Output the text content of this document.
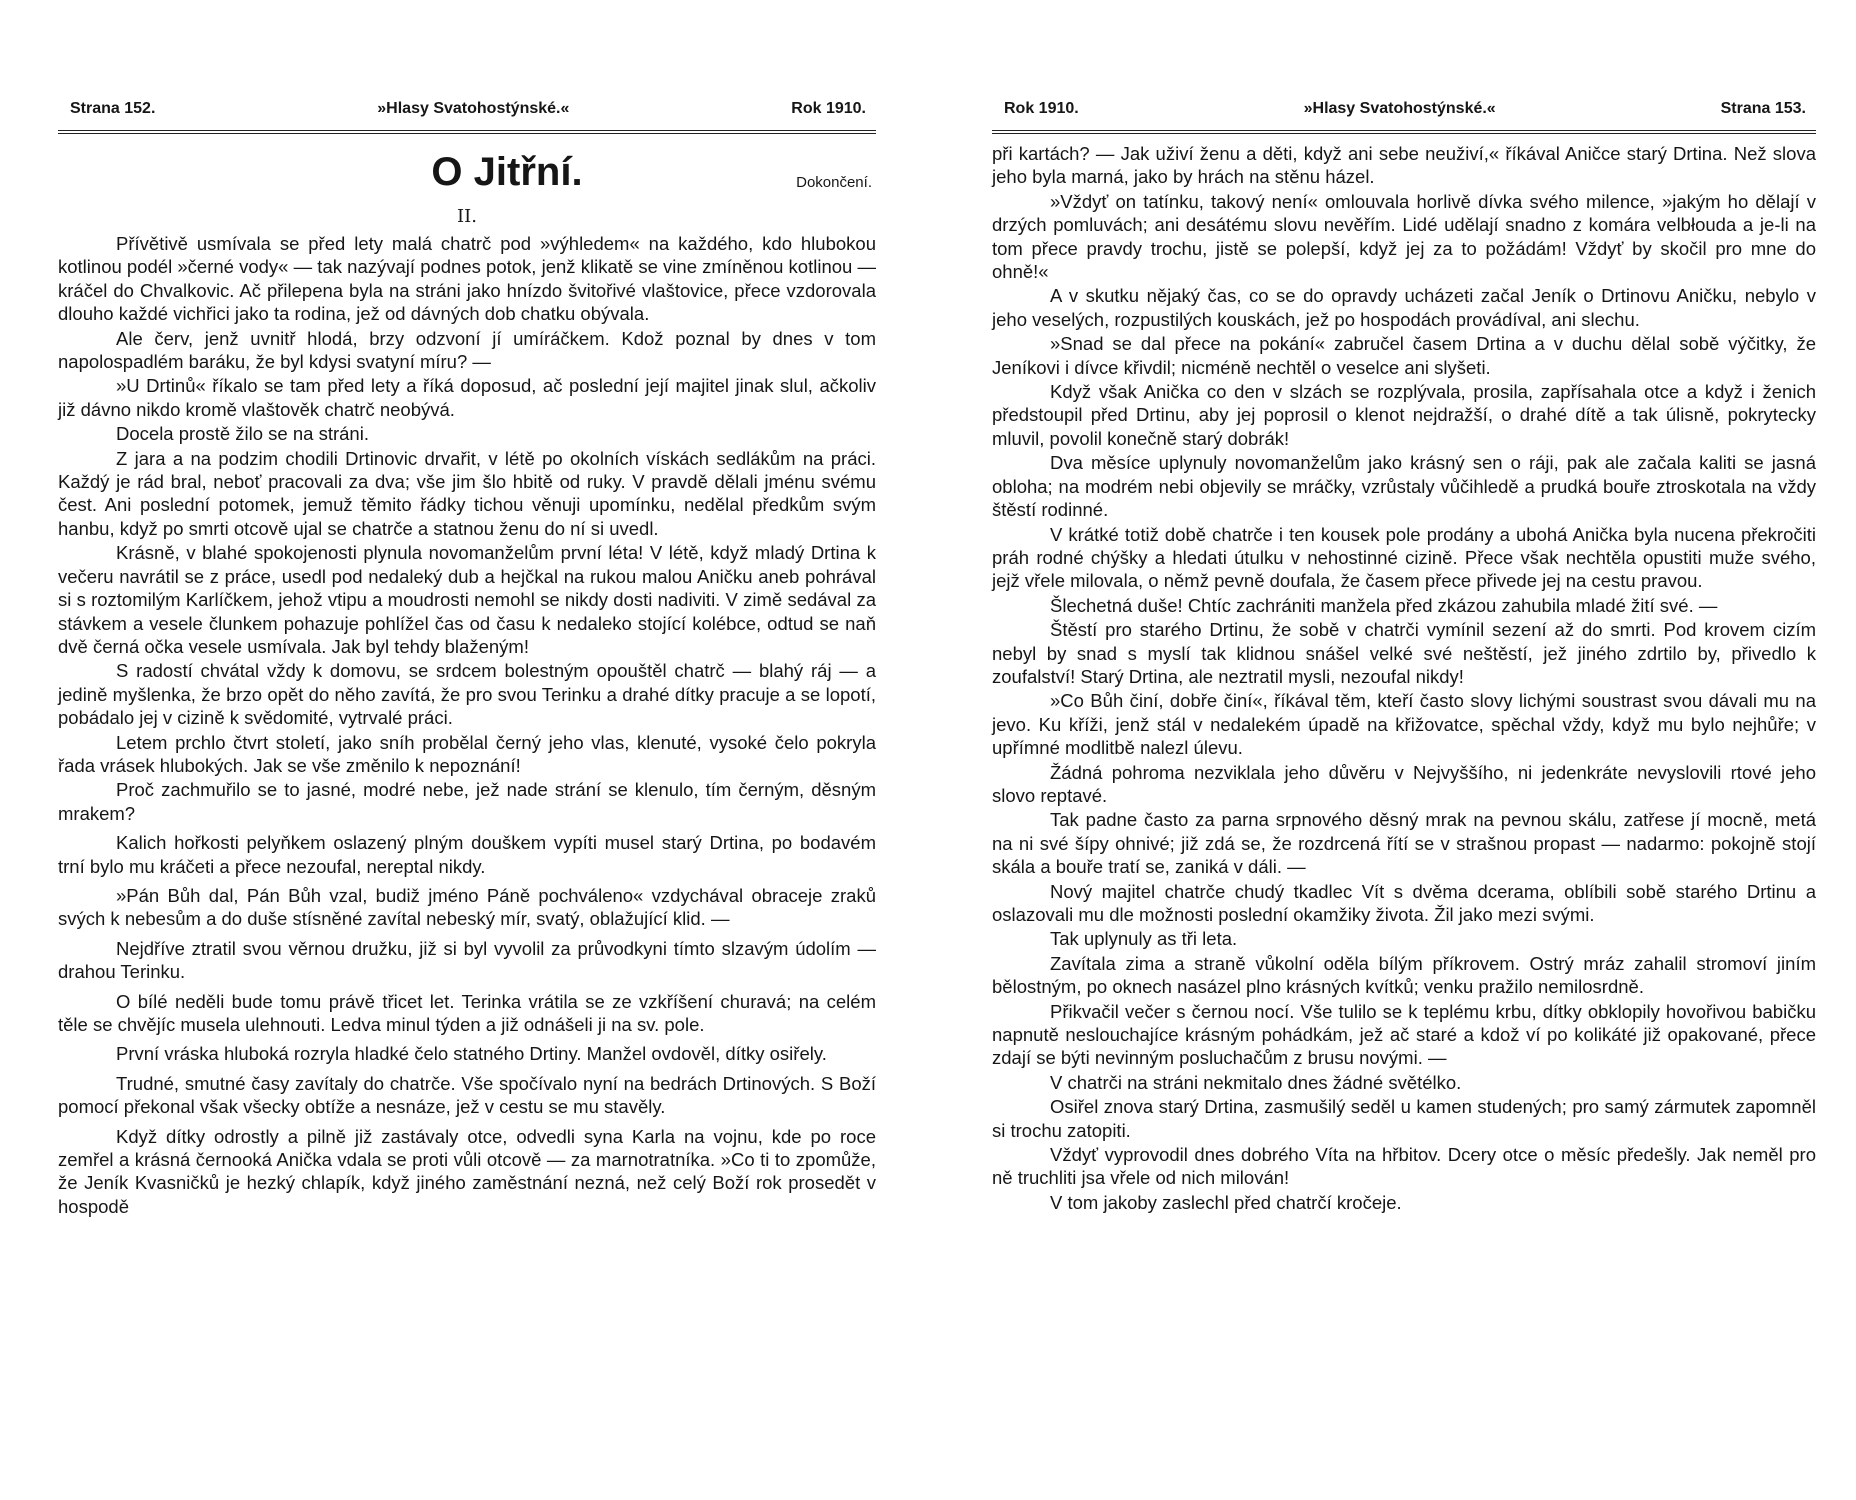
Strana 152.	»Hlasy Svatohostýnské.«	Rok 1910.
O Jitřní.	Dokončení.
II.

Přívětivě usmívala se před lety malá chatrč pod »výhledem« na každého, kdo hlubokou kotlinou podél »černé vody« — tak nazývají podnes potok, jenž klikatě se vine zmíněnou kotlinou — kráčel do Chvalkovic. Ač přilepena byla na stráni jako hnízdo švitořivé vlaštovice, přece vzdorovala dlouho každé vichřici jako ta rodina, jež od dávných dob chatku obývala.

Ale červ, jenž uvnitř hlodá, brzy odzvoní jí umíráčkem. Kdož poznal by dnes v tom napolospadlém baráku, že byl kdysi svatyní míru? —

»U Drtinů« říkalo se tam před lety a říká doposud, ač poslední její majitel jinak slul, ačkoliv již dávno nikdo kromě vlaštověk chatrč neobývá.

Docela prostě žilo se na stráni.

Z jara a na podzim chodili Drtinovic drvařit, v létě po okolních vískách sedlákům na práci. Každý je rád bral, neboť pracovali za dva; vše jim šlo hbitě od ruky. V pravdě dělali jménu svému čest. Ani poslední potomek, jemuž těmito řádky tichou věnuji upomínku, nedělal předkům svým hanbu, když po smrti otcově ujal se chatrče a statnou ženu do ní si uvedl.

Krásně, v blahé spokojenosti plynula novomanželům první léta! V létě, když mladý Drtina k večeru navrátil se z práce, usedl pod nedaleký dub a hejčkal na rukou malou Aničku aneb pohrával si s roztomilým Karlíčkem, jehož vtipu a moudrosti nemohl se nikdy dosti nadiviti. V zimě sedával za stávkem a vesele člunkem pohazuje pohlížel čas od času k nedaleko stojící kolébce, odtud se naň dvě černá očka vesele usmívala. Jak byl tehdy blaženým!

S radostí chvátal vždy k domovu, se srdcem bolestným opouštěl chatrč — blahý ráj — a jedině myšlenka, že brzo opět do něho zavítá, že pro svou Terinku a drahé dítky pracuje a se lopotí, pobádalo jej v cizině k svědomité, vytrvalé práci.

Letem prchlo čtvrt století, jako sníh probělal černý jeho vlas, klenuté, vysoké čelo pokryla řada vrásek hlubokých. Jak se vše změnilo k nepoznání!

Proč zachmuřilo se to jasné, modré nebe, jež nade strání se klenulo, tím černým, děsným mrakem?

Kalich hořkosti pelyňkem oslazený plným douškem vypíti musel starý Drtina, po bodavém trní bylo mu kráčeti a přece nezoufal, nereptal nikdy.

»Pán Bůh dal, Pán Bůh vzal, budiž jméno Páně pochváleno« vzdychával obraceje zraků svých k nebesům a do duše stísněné zavítal nebeský mír, svatý, oblažující klid. —

Nejdříve ztratil svou věrnou družku, již si byl vyvolil za průvodkyni tímto slzavým údolím — drahou Terinku.

O bílé neděli bude tomu právě třicet let. Terinka vrátila se ze vzkříšení churavá; na celém těle se chvějíc musela ulehnouti. Ledva minul týden a již odnášeli ji na sv. pole.

První vráska hluboká rozryla hladké čelo statného Drtiny. Manžel ovdověl, dítky osiřely.

Trudné, smutné časy zavítaly do chatrče. Vše spočívalo nyní na bedrách Drtinových. S Boží pomocí překonal však všecky obtíže a nesnáze, jež v cestu se mu stavěly.

Když dítky odrostly a pilně již zastávaly otce, odvedli syna Karla na vojnu, kde po roce zemřel a krásná černooká Anička vdala se proti vůli otcově — za marnotratníka. »Co ti to zpomůže, že Jeník Kvasničků je hezký chlapík, když jiného zaměstnání nezná, než celý Boží rok prosedět v hospodě

Rok 1910.	»Hlasy Svatohostýnské.«	Strana 153.

při kartách? — Jak uživí ženu a děti, když ani sebe neuživí,« říkával Aničce starý Drtina. Než slova jeho byla marná, jako by hrách na stěnu házel.

»Vždyť on tatínku, takový není« omlouvala horlivě dívka svého milence, »jakým ho dělají v drzých pomluvách; ani desátému slovu nevěřím. Lidé udělají snadno z komára velbłouda a je-li na tom přece pravdy trochu, jistě se polepší, když jej za to požádám! Vždyť by skočil pro mne do ohně!«

A v skutku nějaký čas, co se do opravdy ucházeti začal Jeník o Drtinovu Aničku, nebylo v jeho veselých, rozpustilých kouskách, jež po hospodách provádíval, ani slechu.

»Snad se dal přece na pokání« zabručel časem Drtina a v duchu dělal sobě výčitky, že Jeníkovi i dívce křivdil; nicméně nechtěl o veselce ani slyšeti.

Když však Anička co den v slzách se rozplývala, prosila, zapřísahala otce a když i ženich předstoupil před Drtinu, aby jej poprosil o klenot nejdražší, o drahé dítě a tak úlisně, pokrytecky mluvil, povolil konečně starý dobrák!

Dva měsíce uplynuly novomanželům jako krásný sen o ráji, pak ale začala kaliti se jasná obloha; na modrém nebi objevily se mráčky, vzrůstaly vůčihledě a prudká bouře ztroskotala na vždy štěstí rodinné.

V krátké totiž době chatrče i ten kousek pole prodány a ubohá Anička byla nucena překročiti práh rodné chýšky a hledati útulku v nehostinné cizině. Přece však nechtěla opustiti muže svého, jejž vřele milovala, o němž pevně doufala, že časem přece přivede jej na cestu pravou.

Šlechetná duše! Chtíc zachrániti manžela před zkázou zahubila mladé žití své. —

Štěstí pro starého Drtinu, že sobě v chatrči vymínil sezení až do smrti. Pod krovem cizím nebyl by snad s myslí tak klidnou snášel velké své neštěstí, jež jiného zdrtilo by, přivedlo k zoufalství! Starý Drtina, ale neztratil mysli, nezoufal nikdy!

»Co Bůh činí, dobře činí«, říkával těm, kteří často slovy lichými soustrast svou dávali mu na jevo. Ku kříži, jenž stál v nedalekém úpadě na křižovatce, spěchal vždy, když mu bylo nejhůře; v upřímné modlitbě nalezl úlevu.

Žádná pohroma nezviklala jeho důvěru v Nejvyššího, ni jedenkráte nevyslovili rtové jeho slovo reptavé.

Tak padne často za parna srpnového děsný mrak na pevnou skálu, zatřese jí mocně, metá na ni své šípy ohnivé; již zdá se, že rozdrcená řítí se v strašnou propast — nadarmo: pokojně stojí skála a bouře tratí se, zaniká v dáli. —

Nový majitel chatrče chudý tkadlec Vít s dvěma dcerama, oblíbili sobě starého Drtinu a oslazovali mu dle možnosti poslední okamžiky života. Žil jako mezi svými.

Tak uplynuly as tři leta.

Zavítala zima a straně vůkolní oděla bílým příkrovem. Ostrý mráz zahalil stromoví jiním bělostným, po oknech nasázel plno krásných kvítků; venku pražilo nemilosrdně.

Přikvačil večer s černou nocí. Vše tulilo se k teplému krbu, dítky obklopily hovořivou babičku napnutě neslouchajíce krásným pohádkám, jež ač staré a kdož ví po kolikáté již opakované, přece zdají se býti nevinným posluchačům z brusu novými. —

V chatrči na stráni nekmitalo dnes žádné světélko.

Osiřel znova starý Drtina, zasmušilý seděl u kamen studených; pro samý zármutek zapomněl si trochu zatopiti.

Vždyť vyprovodil dnes dobrého Víta na hřbitov. Dcery otce o měsíc předešly. Jak neměl pro ně truchliti jsa vřele od nich milován!

V tom jakoby zaslechl před chatrčí kročeje.
